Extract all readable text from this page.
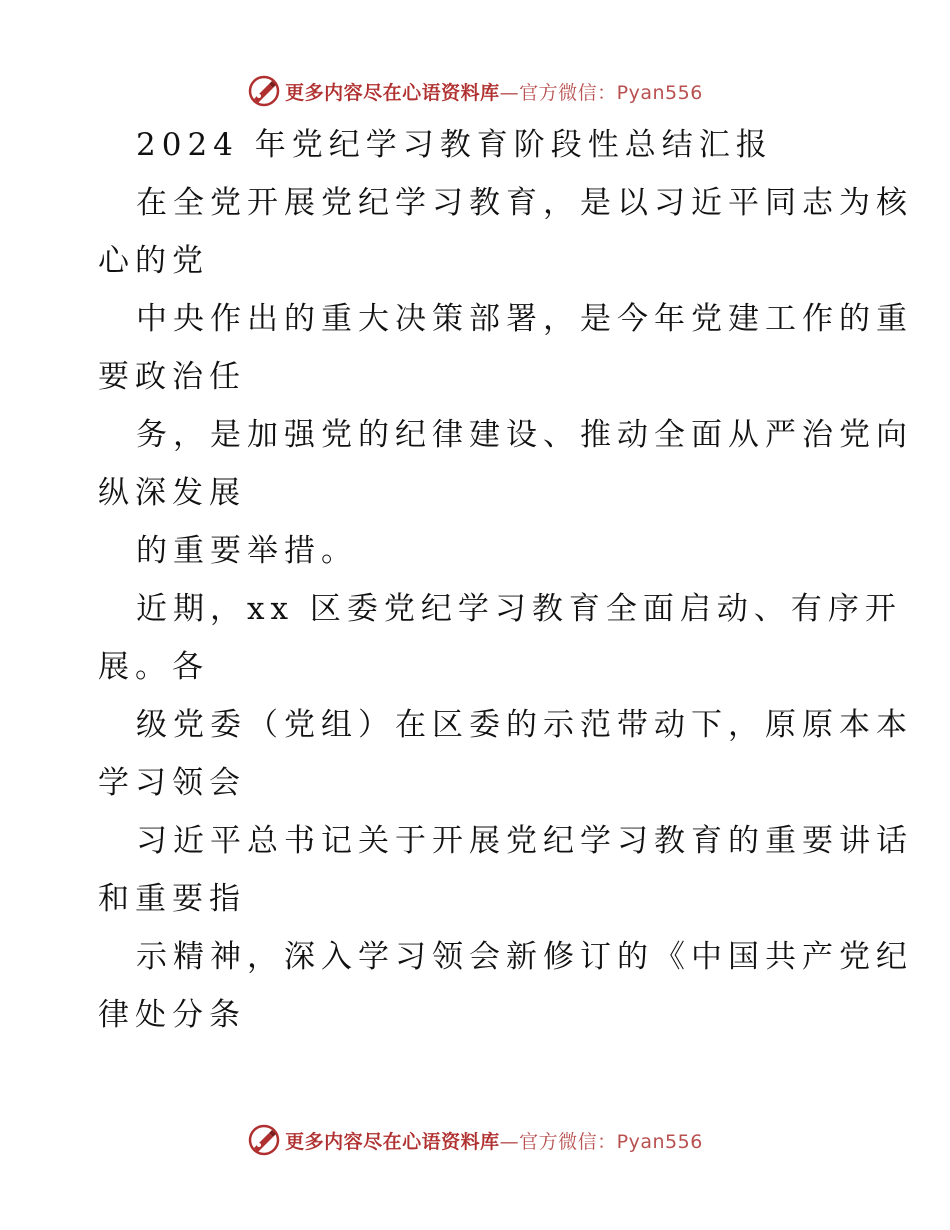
更多内容尽在心语资料库—官方微信：Pyan556
2024 年党纪学习教育阶段性总结汇报
在全党开展党纪学习教育，是以习近平同志为核
心的党
中央作出的重大决策部署，是今年党建工作的重
要政治任
务，是加强党的纪律建设、推动全面从严治党向
纵深发展
的重要举措。
近期，xx 区委党纪学习教育全面启动、有序开
展。各
级党委（党组）在区委的示范带动下，原原本本
学习领会
习近平总书记关于开展党纪学习教育的重要讲话
和重要指
示精神，深入学习领会新修订的《中国共产党纪
律处分条
更多内容尽在心语资料库—官方微信：Pyan556
